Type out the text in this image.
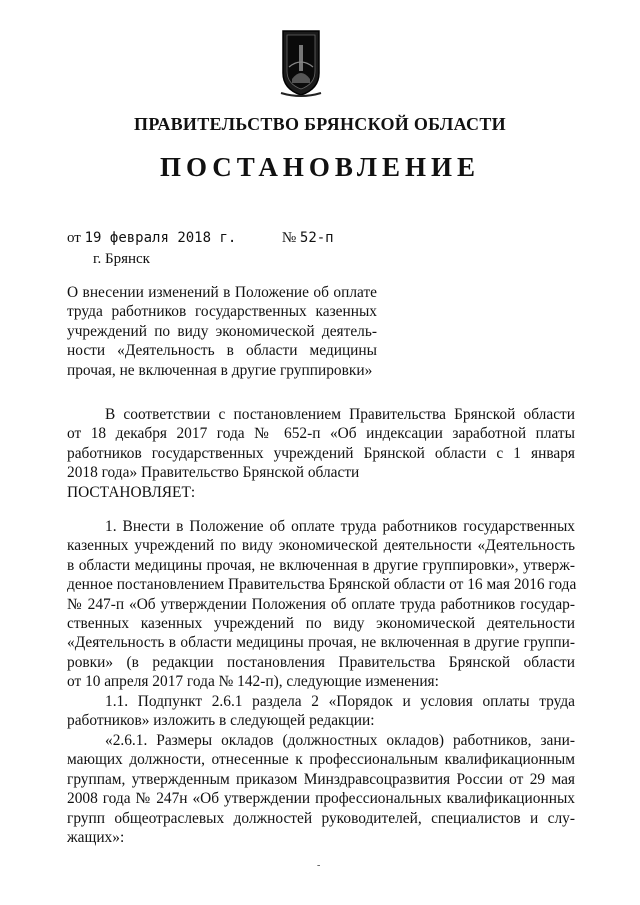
ПРАВИТЕЛЬСТВО БРЯНСКОЙ ОБЛАСТИ
ПОСТАНОВЛЕНИЕ
от 19 февраля 2018 г.	№ 52-п
г. Брянск
О внесении изменений в Положение об оплате
труда работников государственных казенных
учреждений по виду экономической деятель-
ности «Деятельность в области медицины
прочая, не включенная в другие группировки»
В соответствии с постановлением Правительства Брянской области
от 18 декабря 2017 года № 652-п «Об индексации заработной платы
работников государственных учреждений Брянской области с 1 января
2018 года» Правительство Брянской области
ПОСТАНОВЛЯЕТ:
1. Внести в Положение об оплате труда работников государственных
казенных учреждений по виду экономической деятельности «Деятельность
в области медицины прочая, не включенная в другие группировки», утверж-
денное постановлением Правительства Брянской области от 16 мая 2016 года
№ 247-п «Об утверждении Положения об оплате труда работников государ-
ственных казенных учреждений по виду экономической деятельности
«Деятельность в области медицины прочая, не включенная в другие группи-
ровки» (в редакции постановления Правительства Брянской области
от 10 апреля 2017 года № 142-п), следующие изменения:
1.1. Подпункт 2.6.1 раздела 2 «Порядок и условия оплаты труда
работников» изложить в следующей редакции:
«2.6.1. Размеры окладов (должностных окладов) работников, зани-
мающих должности, отнесенные к профессиональным квалификационным
группам, утвержденным приказом Минздравсоцразвития России от 29 мая
2008 года № 247н «Об утверждении профессиональных квалификационных
групп общеотраслевых должностей руководителей, специалистов и слу-
жащих»:
-
